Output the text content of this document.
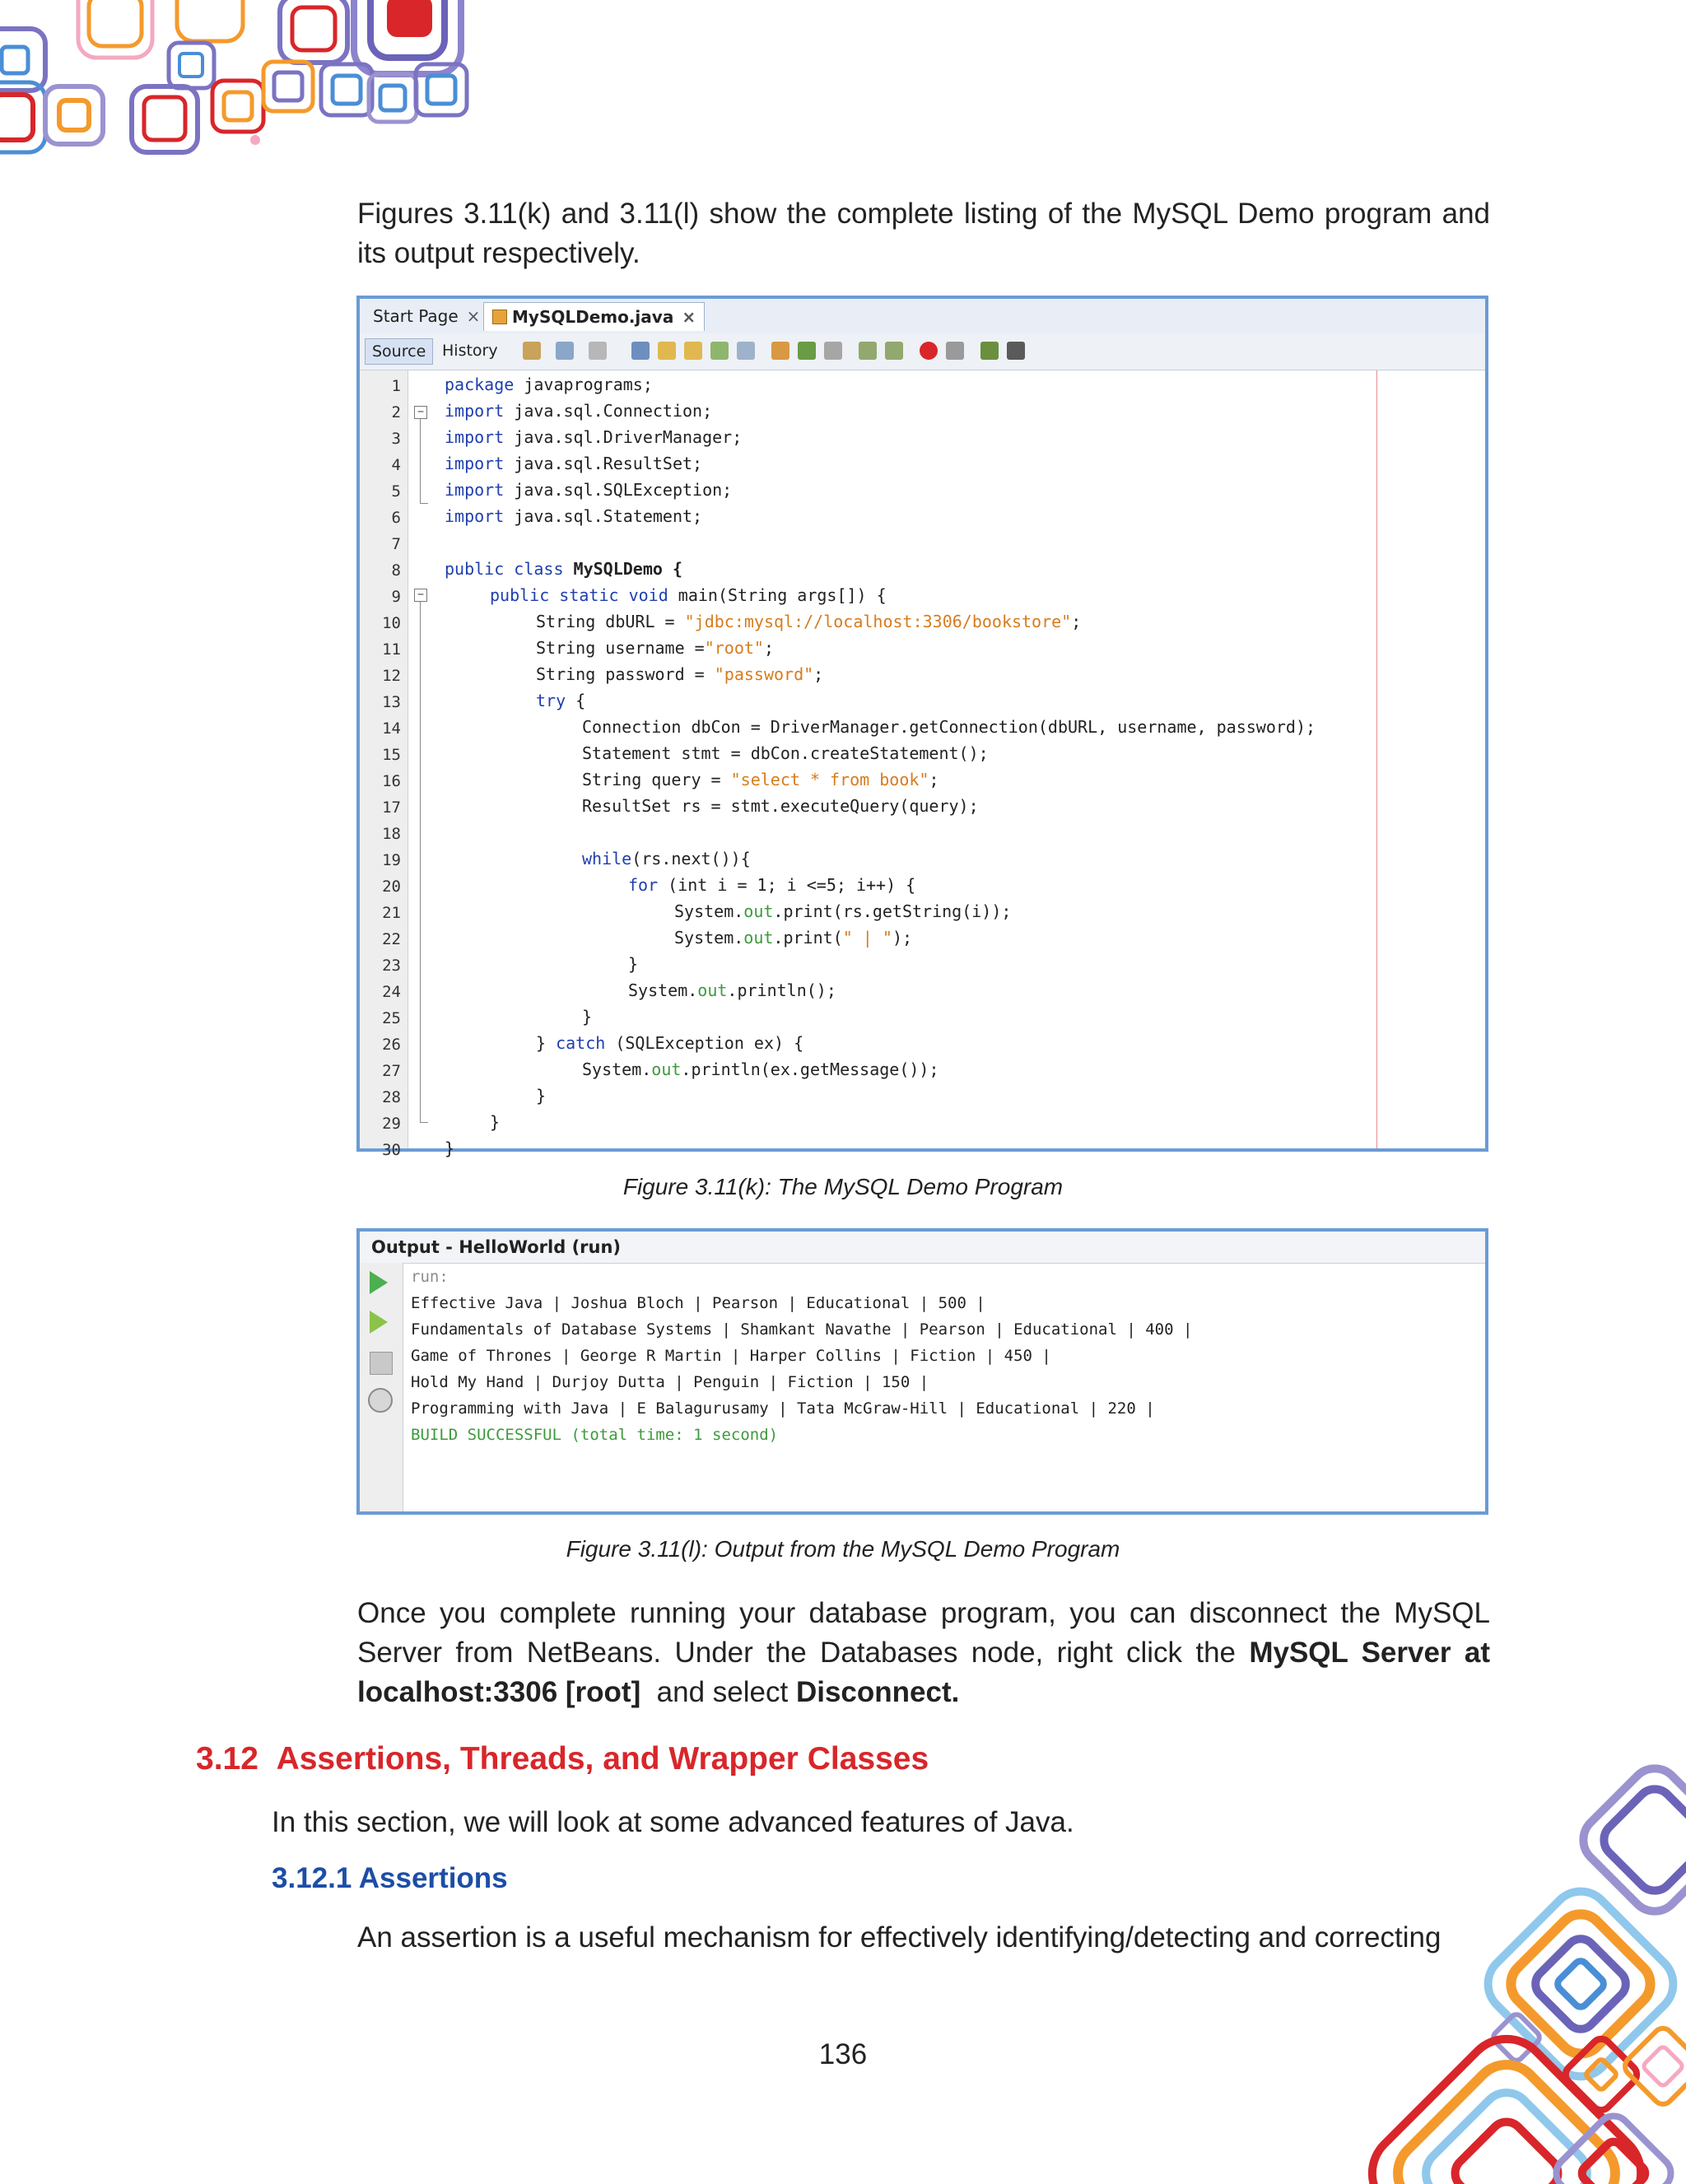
Figures 3.11(k) and 3.11(l) show the complete listing of the MySQL Demo program and

its output respectively.

Start Page ×	MySQLDemo.java ×
Source	History
1
2
3
4
5
6
7
8
9
10
11
12
13
14
15
16
17
18
19
20
21
22
23
24
25
26
27
28
29
30
−
−
package javaprograms;
import java.sql.Connection;
import java.sql.DriverManager;
import java.sql.ResultSet;
import java.sql.SQLException;
import java.sql.Statement;
public class MySQLDemo {
public static void main(String args[]) {
String dbURL = "jdbc:mysql://localhost:3306/bookstore";
String username ="root";
String password = "password";
try {
Connection dbCon = DriverManager.getConnection(dbURL, username, password);
Statement stmt = dbCon.createStatement();
String query = "select * from book";
ResultSet rs = stmt.executeQuery(query);
while(rs.next()){
for (int i = 1; i <=5; i++) {
System.out.print(rs.getString(i));
System.out.print(" | ");
}
System.out.println();
}
} catch (SQLException ex) {
System.out.println(ex.getMessage());
}
}
}
Figure 3.11(k): The MySQL Demo Program
Output - HelloWorld (run)
run:
Effective Java | Joshua Bloch | Pearson | Educational | 500 |
Fundamentals of Database Systems | Shamkant Navathe | Pearson | Educational | 400 |
Game of Thrones | George R Martin | Harper Collins | Fiction | 450 |
Hold My Hand | Durjoy Dutta | Penguin | Fiction | 150 |
Programming with Java | E Balagurusamy | Tata McGraw-Hill | Educational | 220 |
BUILD SUCCESSFUL (total time: 1 second)
Figure 3.11(l): Output from the MySQL Demo Program

Once you complete running your database program, you can disconnect the MySQL

Server from NetBeans. Under the Databases node, right click the MySQL Server at

localhost:3306 [root]  and select Disconnect.

3.12 Assertions, Threads, and Wrapper Classes
In this section, we will look at some advanced features of Java.
3.12.1 Assertions
An assertion is a useful mechanism for effectively identifying/detecting and correcting
136
